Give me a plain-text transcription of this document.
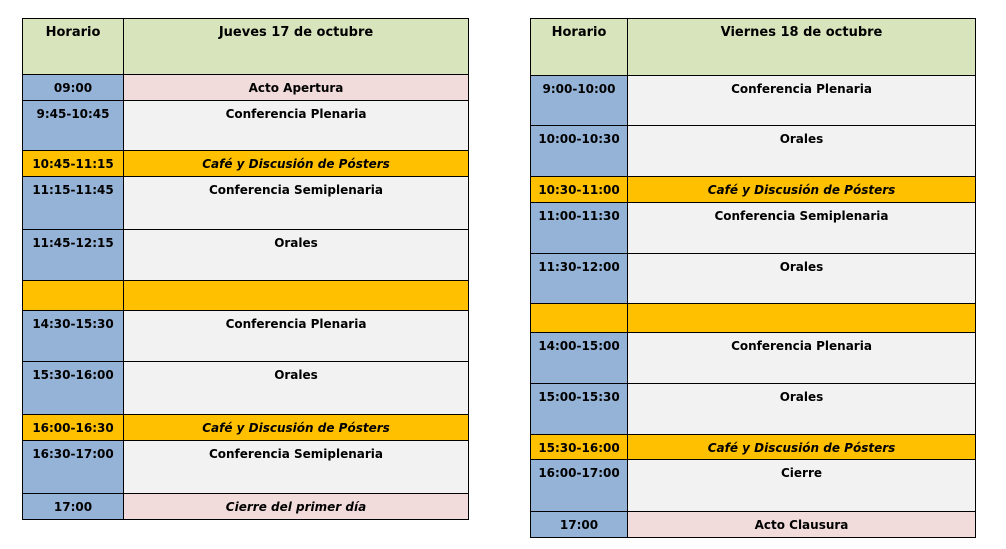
Horario	Jueves 17 de octubre

09:00	Acto Apertura

9:45-10:45	Conferencia Plenaria

10:45-11:15	Café y Discusión de Pósters

11:15-11:45	Conferencia Semiplenaria

11:45-12:15	Orales

14:30-15:30	Conferencia Plenaria

15:30-16:00	Orales

16:00-16:30	Café y Discusión de Pósters

16:30-17:00	Conferencia Semiplenaria

17:00	Cierre del primer día
Horario	Viernes 18 de octubre

9:00-10:00	Conferencia Plenaria

10:00-10:30	Orales

10:30-11:00	Café y Discusión de Pósters

11:00-11:30	Conferencia Semiplenaria

11:30-12:00	Orales

14:00-15:00	Conferencia Plenaria

15:00-15:30	Orales

15:30-16:00	Café y Discusión de Pósters

16:00-17:00	Cierre

17:00	Acto Clausura
